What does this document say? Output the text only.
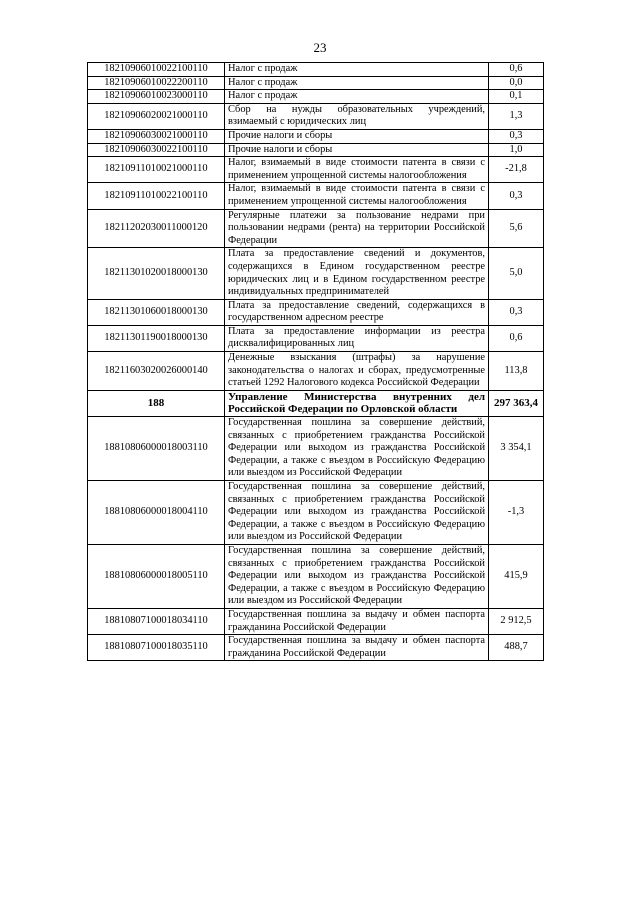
23
18210906010022100110	Налог с продаж	0,6
18210906010022200110	Налог с продаж	0,0
18210906010023000110	Налог с продаж	0,1
18210906020021000110	Сбор на нужды образовательных учреждений, взимаемый с юридических лиц	1,3
18210906030021000110	Прочие налоги и сборы	0,3
18210906030022100110	Прочие налоги и сборы	1,0
18210911010021000110	Налог, взимаемый в виде стоимости патента в связи с применением упрощенной системы налогообложения	-21,8
18210911010022100110	Налог, взимаемый в виде стоимости патента в связи с применением упрощенной системы налогообложения	0,3
18211202030011000120	Регулярные платежи за пользование недрами при пользовании недрами (рента) на территории Российской Федерации	5,6
18211301020018000130	Плата за предоставление сведений и документов, содержащихся в Едином государственном реестре юридических лиц и в Едином государственном реестре индивидуальных предпринимателей	5,0
18211301060018000130	Плата за предоставление сведений, содержащихся в государственном адресном реестре	0,3
18211301190018000130	Плата за предоставление информации из реестра дисквалифицированных лиц	0,6
18211603020026000140	Денежные взыскания (штрафы) за нарушение законодательства о налогах и сборах, предусмотренные статьей 1292 Налогового кодекса Российской Федерации	113,8
188	Управление Министерства внутренних дел Российской Федерации по Орловской области	297 363,4
18810806000018003110	Государственная пошлина за совершение действий, связанных с приобретением гражданства Российской Федерации или выходом из гражданства Российской Федерации, а также с въездом в Российскую Федерацию или выездом из Российской Федерации	3 354,1
18810806000018004110	Государственная пошлина за совершение действий, связанных с приобретением гражданства Российской Федерации или выходом из гражданства Российской Федерации, а также с въездом в Российскую Федерацию или выездом из Российской Федерации	-1,3
18810806000018005110	Государственная пошлина за совершение действий, связанных с приобретением гражданства Российской Федерации или выходом из гражданства Российской Федерации, а также с въездом в Российскую Федерацию или выездом из Российской Федерации	415,9
18810807100018034110	Государственная пошлина за выдачу и обмен паспорта гражданина Российской Федерации	2 912,5
18810807100018035110	Государственная пошлина за выдачу и обмен паспорта гражданина Российской Федерации	488,7
